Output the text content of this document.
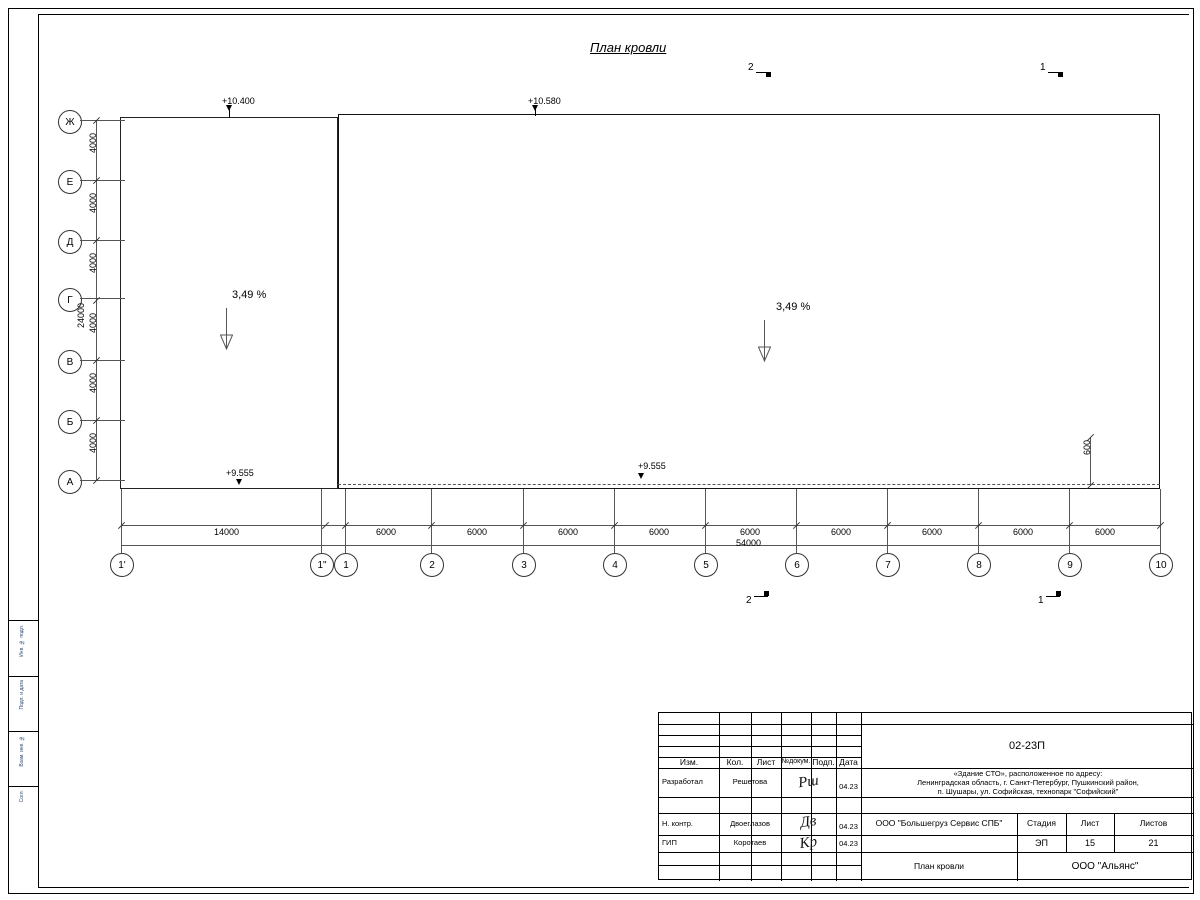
Инв. № подл.
Подп. и дата
Взам. инв. №
Согл.
План кровли
2	1
+10.400	+10.580
+9.555
+9.555
3,49 %
3,49 %
Ж
Е
Д
Г
В
Б
А
4000
4000
4000
4000
4000
4000
24000
600
1'	1"	1	2	3	4	5	6	7	8	9	10
14000	6000	6000	6000	6000	6000	6000	6000	6000	6000
54000
2	1
02-23П
«Здание СТО», расположенное по адресу:
Ленинградская область, г. Санкт-Петербург, Пушкинский район,
п. Шушары, ул. Софийская, технопарк "Софийский"
Изм.	Кол.	Лист №докум. Подп. Дата
Разработал	Решетова	Рш	04.23
Н. контр.	Двоеглазов	Дв	04.23
ГИП	Коротаев	Кр	04.23
ООО "Большегруз Сервис СПБ"
План кровли
Стадия	Лист	Листов
ЭП	15	21
ООО "Альянс"
